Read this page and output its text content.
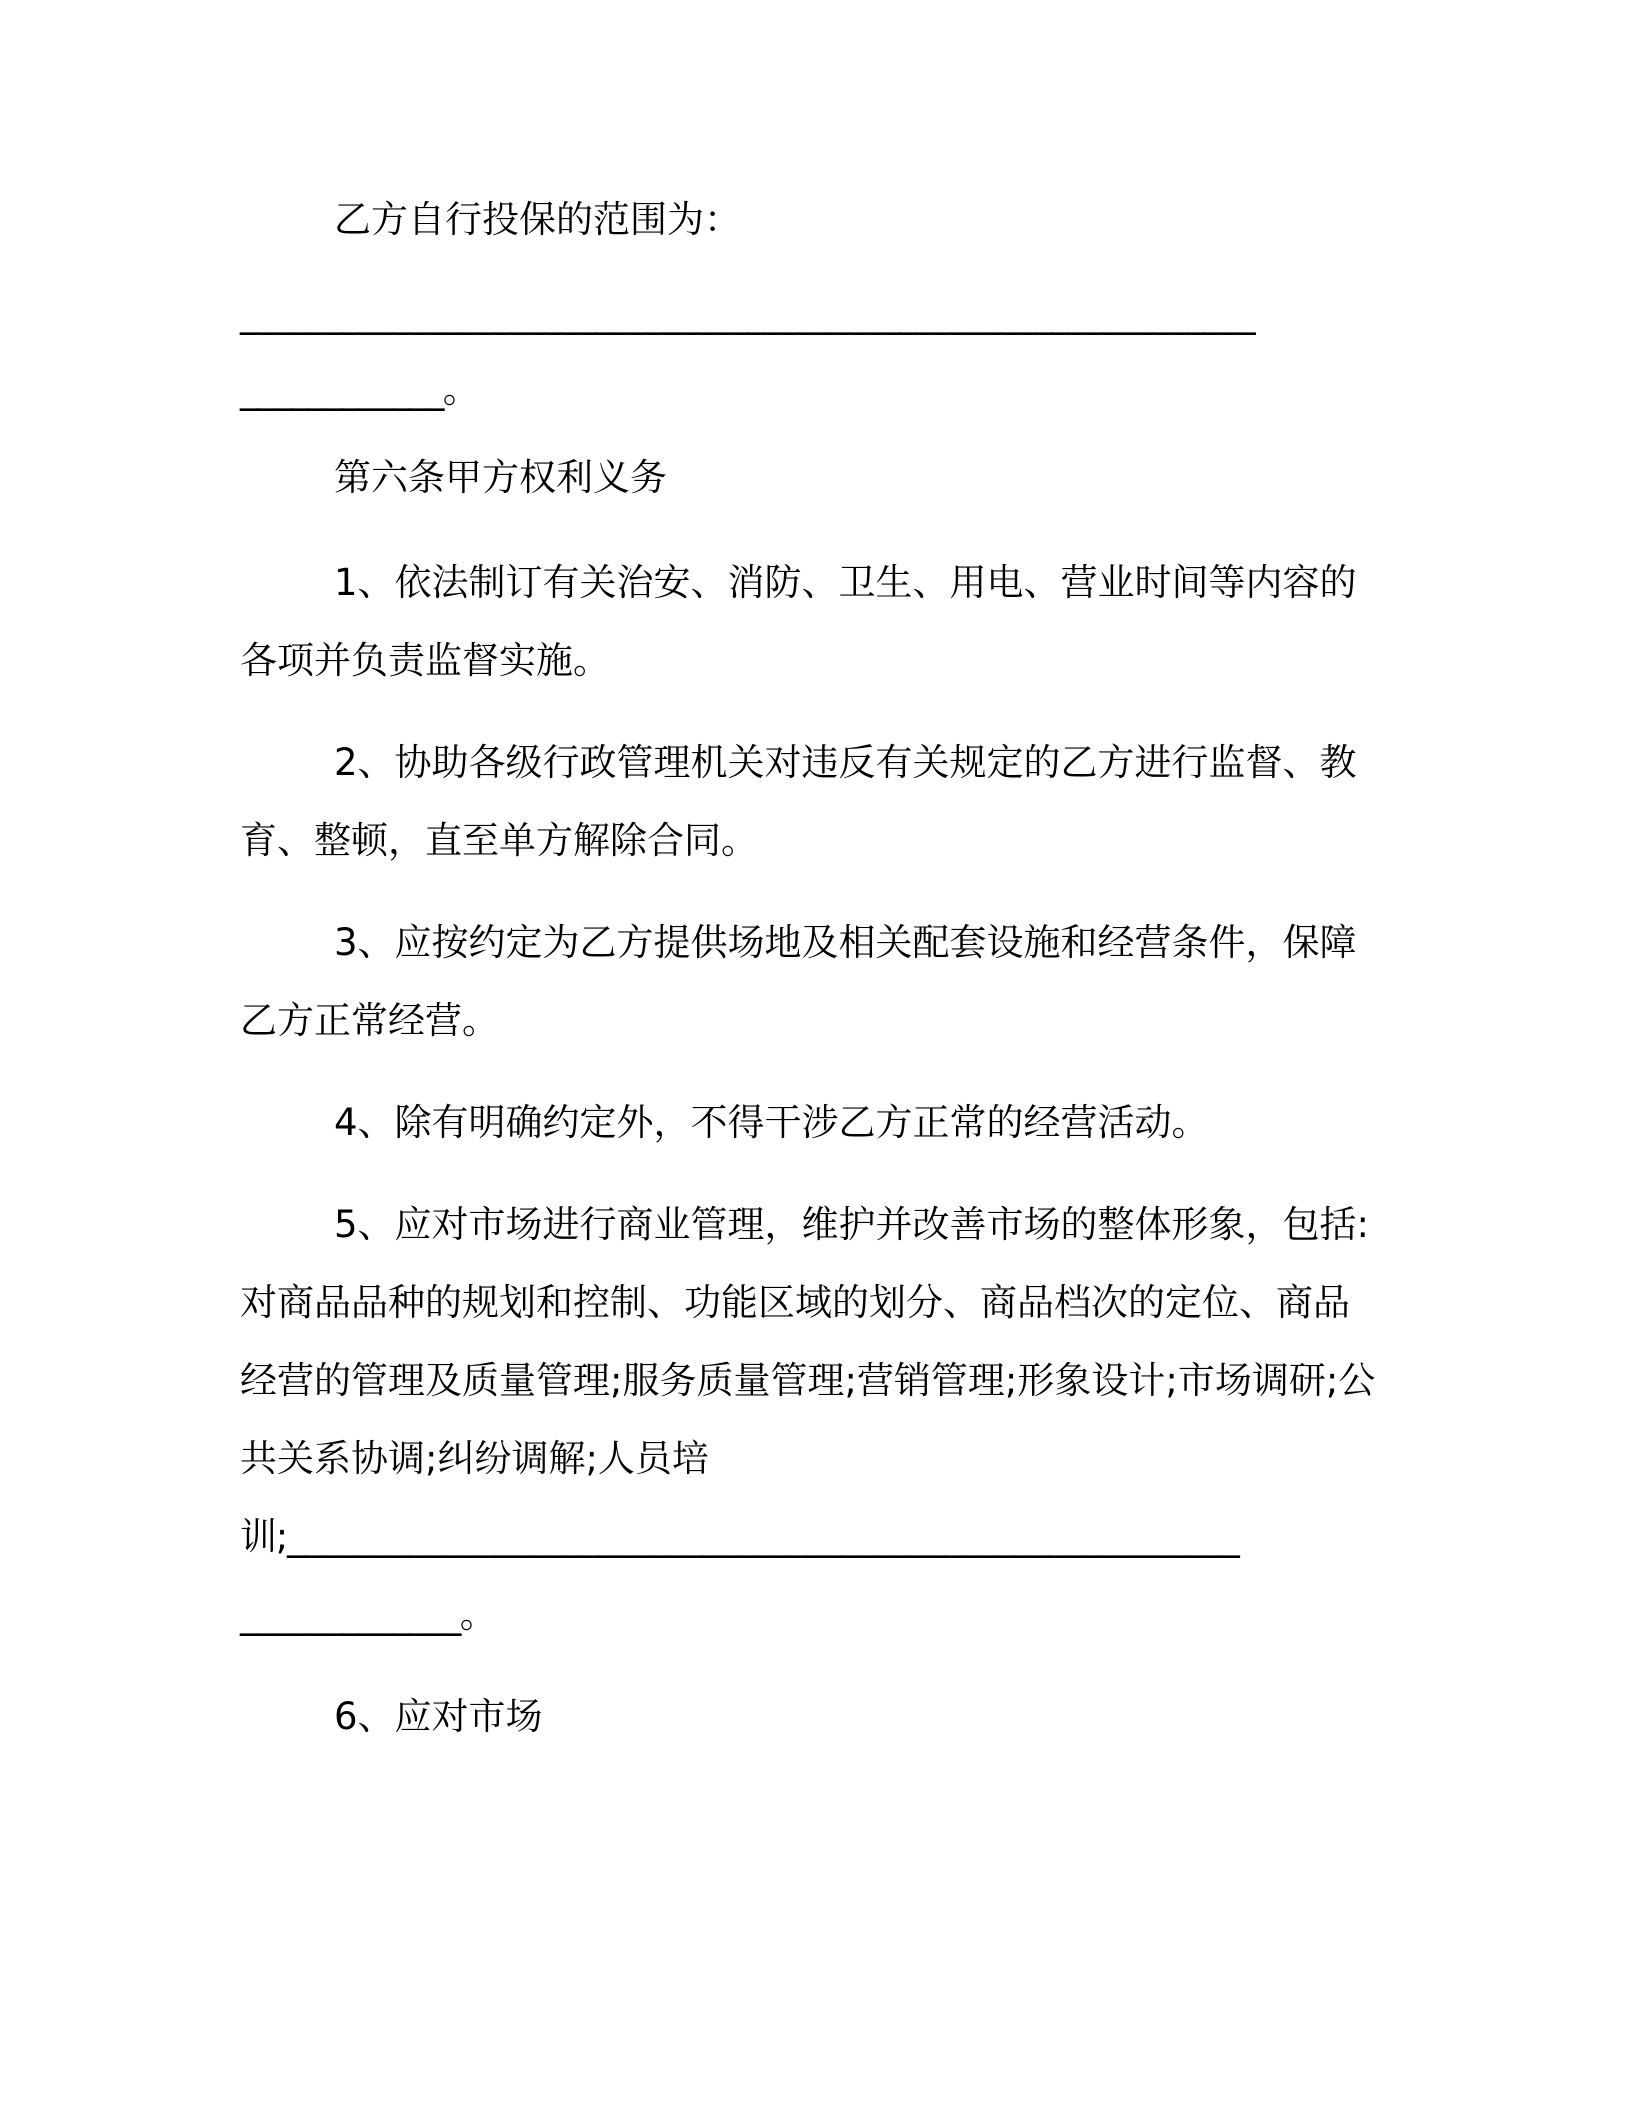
乙方自行投保的范围为：
____________________________________________________________
____________。
第六条甲方权利义务
1、依法制订有关治安、消防、卫生、用电、营业时间等内容的
各项并负责监督实施。
2、协助各级行政管理机关对违反有关规定的乙方进行监督、教
育、整顿，直至单方解除合同。
3、应按约定为乙方提供场地及相关配套设施和经营条件，保障
乙方正常经营。
4、除有明确约定外，不得干涉乙方正常的经营活动。
5、应对市场进行商业管理，维护并改善市场的整体形象，包括:
对商品品种的规划和控制、功能区域的划分、商品档次的定位、商品
经营的管理及质量管理;服务质量管理;营销管理;形象设计;市场调研;公
共关系协调;纠纷调解;人员培
训;_______________________________________________________
_____________。
6、应对市场
